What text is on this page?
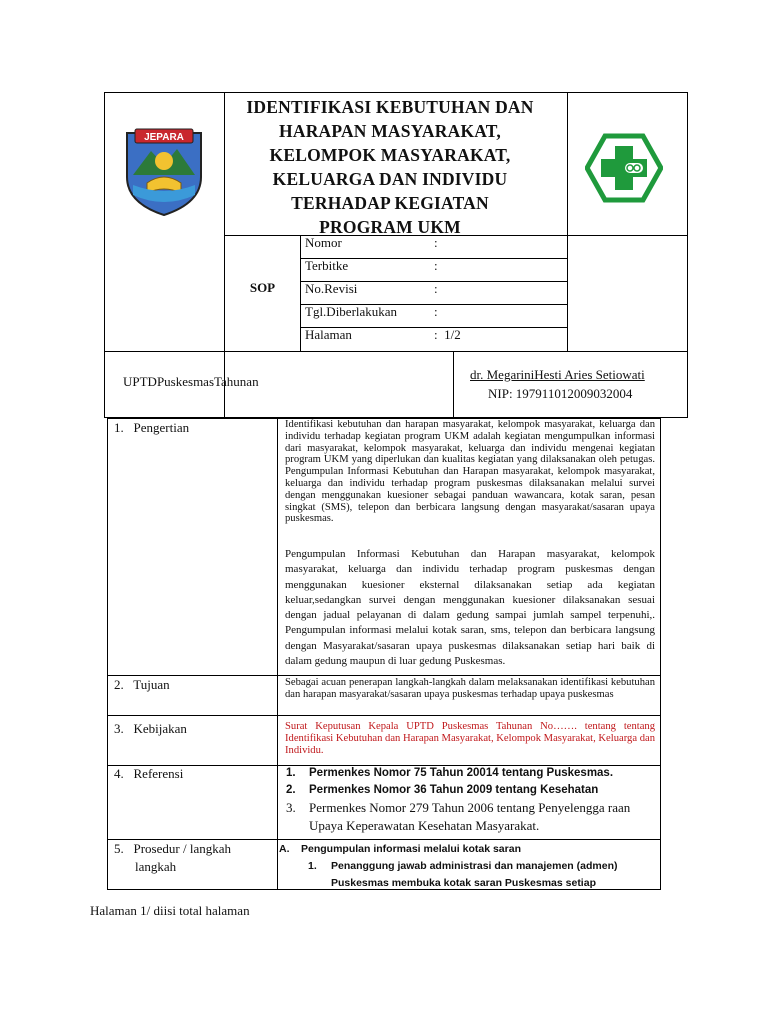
JEPARA
IDENTIFIKASI KEBUTUHAN DAN
HARAPAN MASYARAKAT,
KELOMPOK MASYARAKAT,
KELUARGA DAN INDIVIDU
TERHADAP KEGIATAN
PROGRAM UKM
SOP
Nomor	:
Terbitke	:
No.Revisi	:
Tgl.Diberlakukan	:
Halaman	:  1/2
UPTDPuskesmasTahunan	dr. MegariniHesti Aries Setiowati
NIP: 197911012009032004
1.   Pengertian	Identifikasi kebutuhan dan harapan masyarakat, kelompok masyarakat, keluarga dan individu terhadap kegiatan program UKM adalah kegiatan mengumpulkan informasi dari masyarakat, kelompok masyarakat, keluarga dan individu mengenai kegiatan program UKM yang diperlukan dan kualitas kegiatan yang dilaksanakan oleh petugas. Pengumpulan Informasi Kebutuhan dan Harapan masyarakat, kelompok masyarakat, keluarga dan individu terhadap program puskesmas dilaksanakan melalui survei dengan menggunakan kuesioner sebagai panduan wawancara, kotak saran, pesan singkat (SMS), telepon dan berbicara langsung dengan masyarakat/sasaran upaya puskesmas.
Pengumpulan Informasi Kebutuhan dan Harapan masyarakat, kelompok masyarakat, keluarga dan individu terhadap program puskesmas dengan menggunakan kuesioner eksternal dilaksanakan setiap ada kegiatan keluar,sedangkan survei dengan menggunakan kuesioner dilaksanakan sesuai dengan jadual pelayanan di dalam gedung sampai jumlah sampel terpenuhi,. Pengumpulan informasi melalui kotak saran, sms, telepon dan berbicara langsung dengan Masyarakat/sasaran upaya puskesmas dilaksanakan setiap hari baik di dalam gedung maupun di luar gedung Puskesmas.
2.   Tujuan	Sebagai acuan penerapan langkah-langkah dalam melaksanakan identifikasi kebutuhan dan harapan masyarakat/sasaran upaya puskesmas terhadap upaya puskesmas
3.   Kebijakan	Surat Keputusan Kepala UPTD Puskesmas Tahunan No……. tentang tentang Identifikasi Kebutuhan dan Harapan Masyarakat, Kelompok Masyarakat, Keluarga dan Individu.
4.   Referensi	1. Permenkes Nomor 75 Tahun 20014 tentang Puskesmas.
2. Permenkes Nomor 36 Tahun 2009 tentang Kesehatan
3. Permenkes Nomor 279 Tahun 2006 tentang Penyelengga raan Upaya Keperawatan Kesehatan Masyarakat.
5.   Prosedur / langkah
langkah
A. Pengumpulan informasi melalui kotak saran
1. Penanggung jawab administrasi dan manajemen (admen)
Puskesmas membuka kotak saran Puskesmas setiap
Halaman 1/ diisi total halaman
